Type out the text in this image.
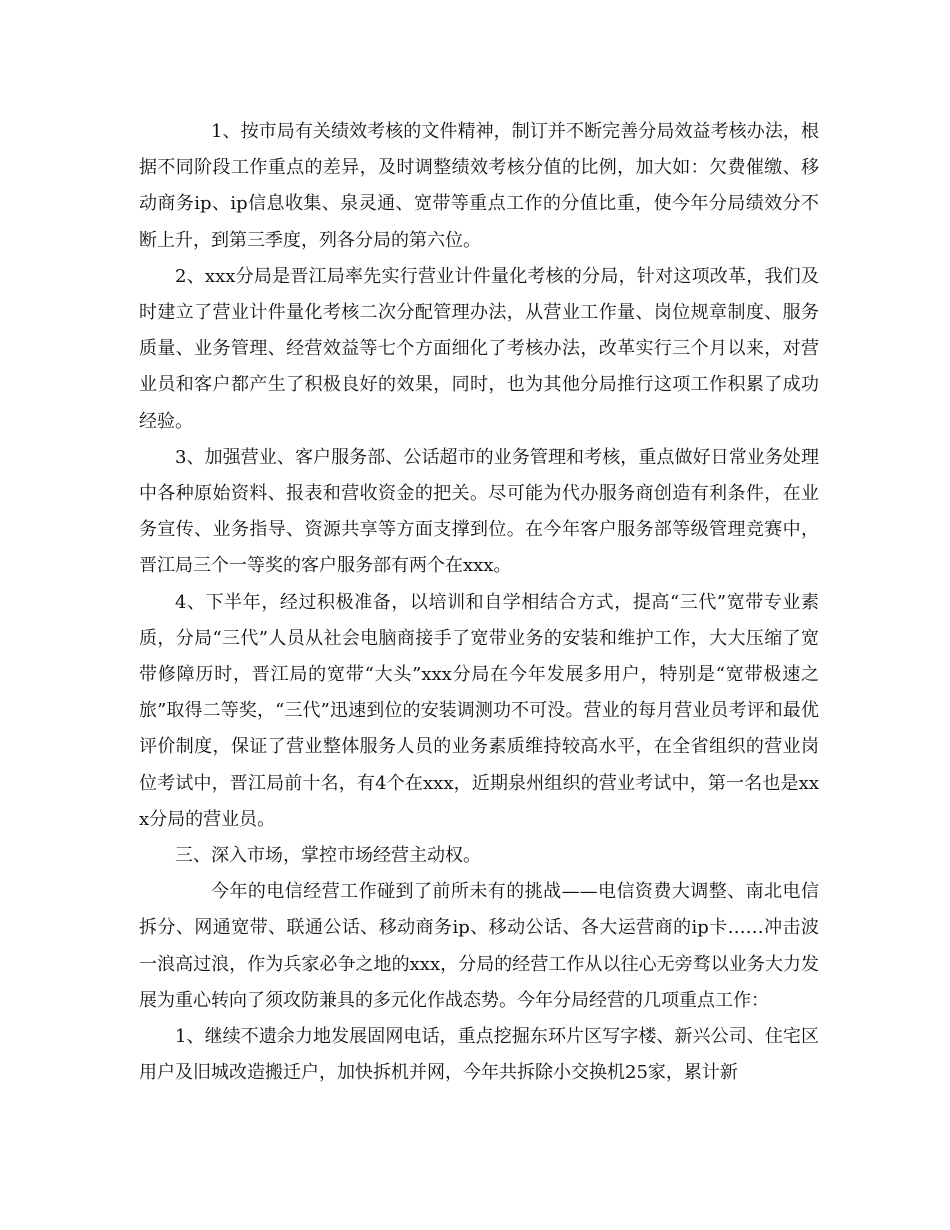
1、按市局有关绩效考核的文件精神，制订并不断完善分局效益考核办法，根据不同阶段工作重点的差异，及时调整绩效考核分值的比例，加大如：欠费催缴、移动商务ip、ip信息收集、泉灵通、宽带等重点工作的分值比重，使今年分局绩效分不断上升，到第三季度，列各分局的第六位。

2、xxx分局是晋江局率先实行营业计件量化考核的分局，针对这项改革，我们及时建立了营业计件量化考核二次分配管理办法，从营业工作量、岗位规章制度、服务质量、业务管理、经营效益等七个方面细化了考核办法，改革实行三个月以来，对营业员和客户都产生了积极良好的效果，同时，也为其他分局推行这项工作积累了成功经验。

3、加强营业、客户服务部、公话超市的业务管理和考核，重点做好日常业务处理中各种原始资料、报表和营收资金的把关。尽可能为代办服务商创造有利条件，在业务宣传、业务指导、资源共享等方面支撑到位。在今年客户服务部等级管理竞赛中，晋江局三个一等奖的客户服务部有两个在xxx。

4、下半年，经过积极准备，以培训和自学相结合方式，提高“三代”宽带专业素质，分局“三代”人员从社会电脑商接手了宽带业务的安装和维护工作，大大压缩了宽带修障历时，晋江局的宽带“大头”xxx分局在今年发展多用户，特别是“宽带极速之旅”取得二等奖，“三代”迅速到位的安装调测功不可没。营业的每月营业员考评和最优评价制度，保证了营业整体服务人员的业务素质维持较高水平，在全省组织的营业岗位考试中，晋江局前十名，有4个在xxx，近期泉州组织的营业考试中，第一名也是xxx分局的营业员。

三、深入市场，掌控市场经营主动权。

今年的电信经营工作碰到了前所未有的挑战——电信资费大调整、南北电信拆分、网通宽带、联通公话、移动商务ip、移动公话、各大运营商的ip卡……冲击波一浪高过浪，作为兵家必争之地的xxx，分局的经营工作从以往心无旁骛以业务大力发展为重心转向了须攻防兼具的多元化作战态势。今年分局经营的几项重点工作：

1、继续不遗余力地发展固网电话，重点挖掘东环片区写字楼、新兴公司、住宅区用户及旧城改造搬迁户，加快拆机并网，今年共拆除小交换机25家，累计新
